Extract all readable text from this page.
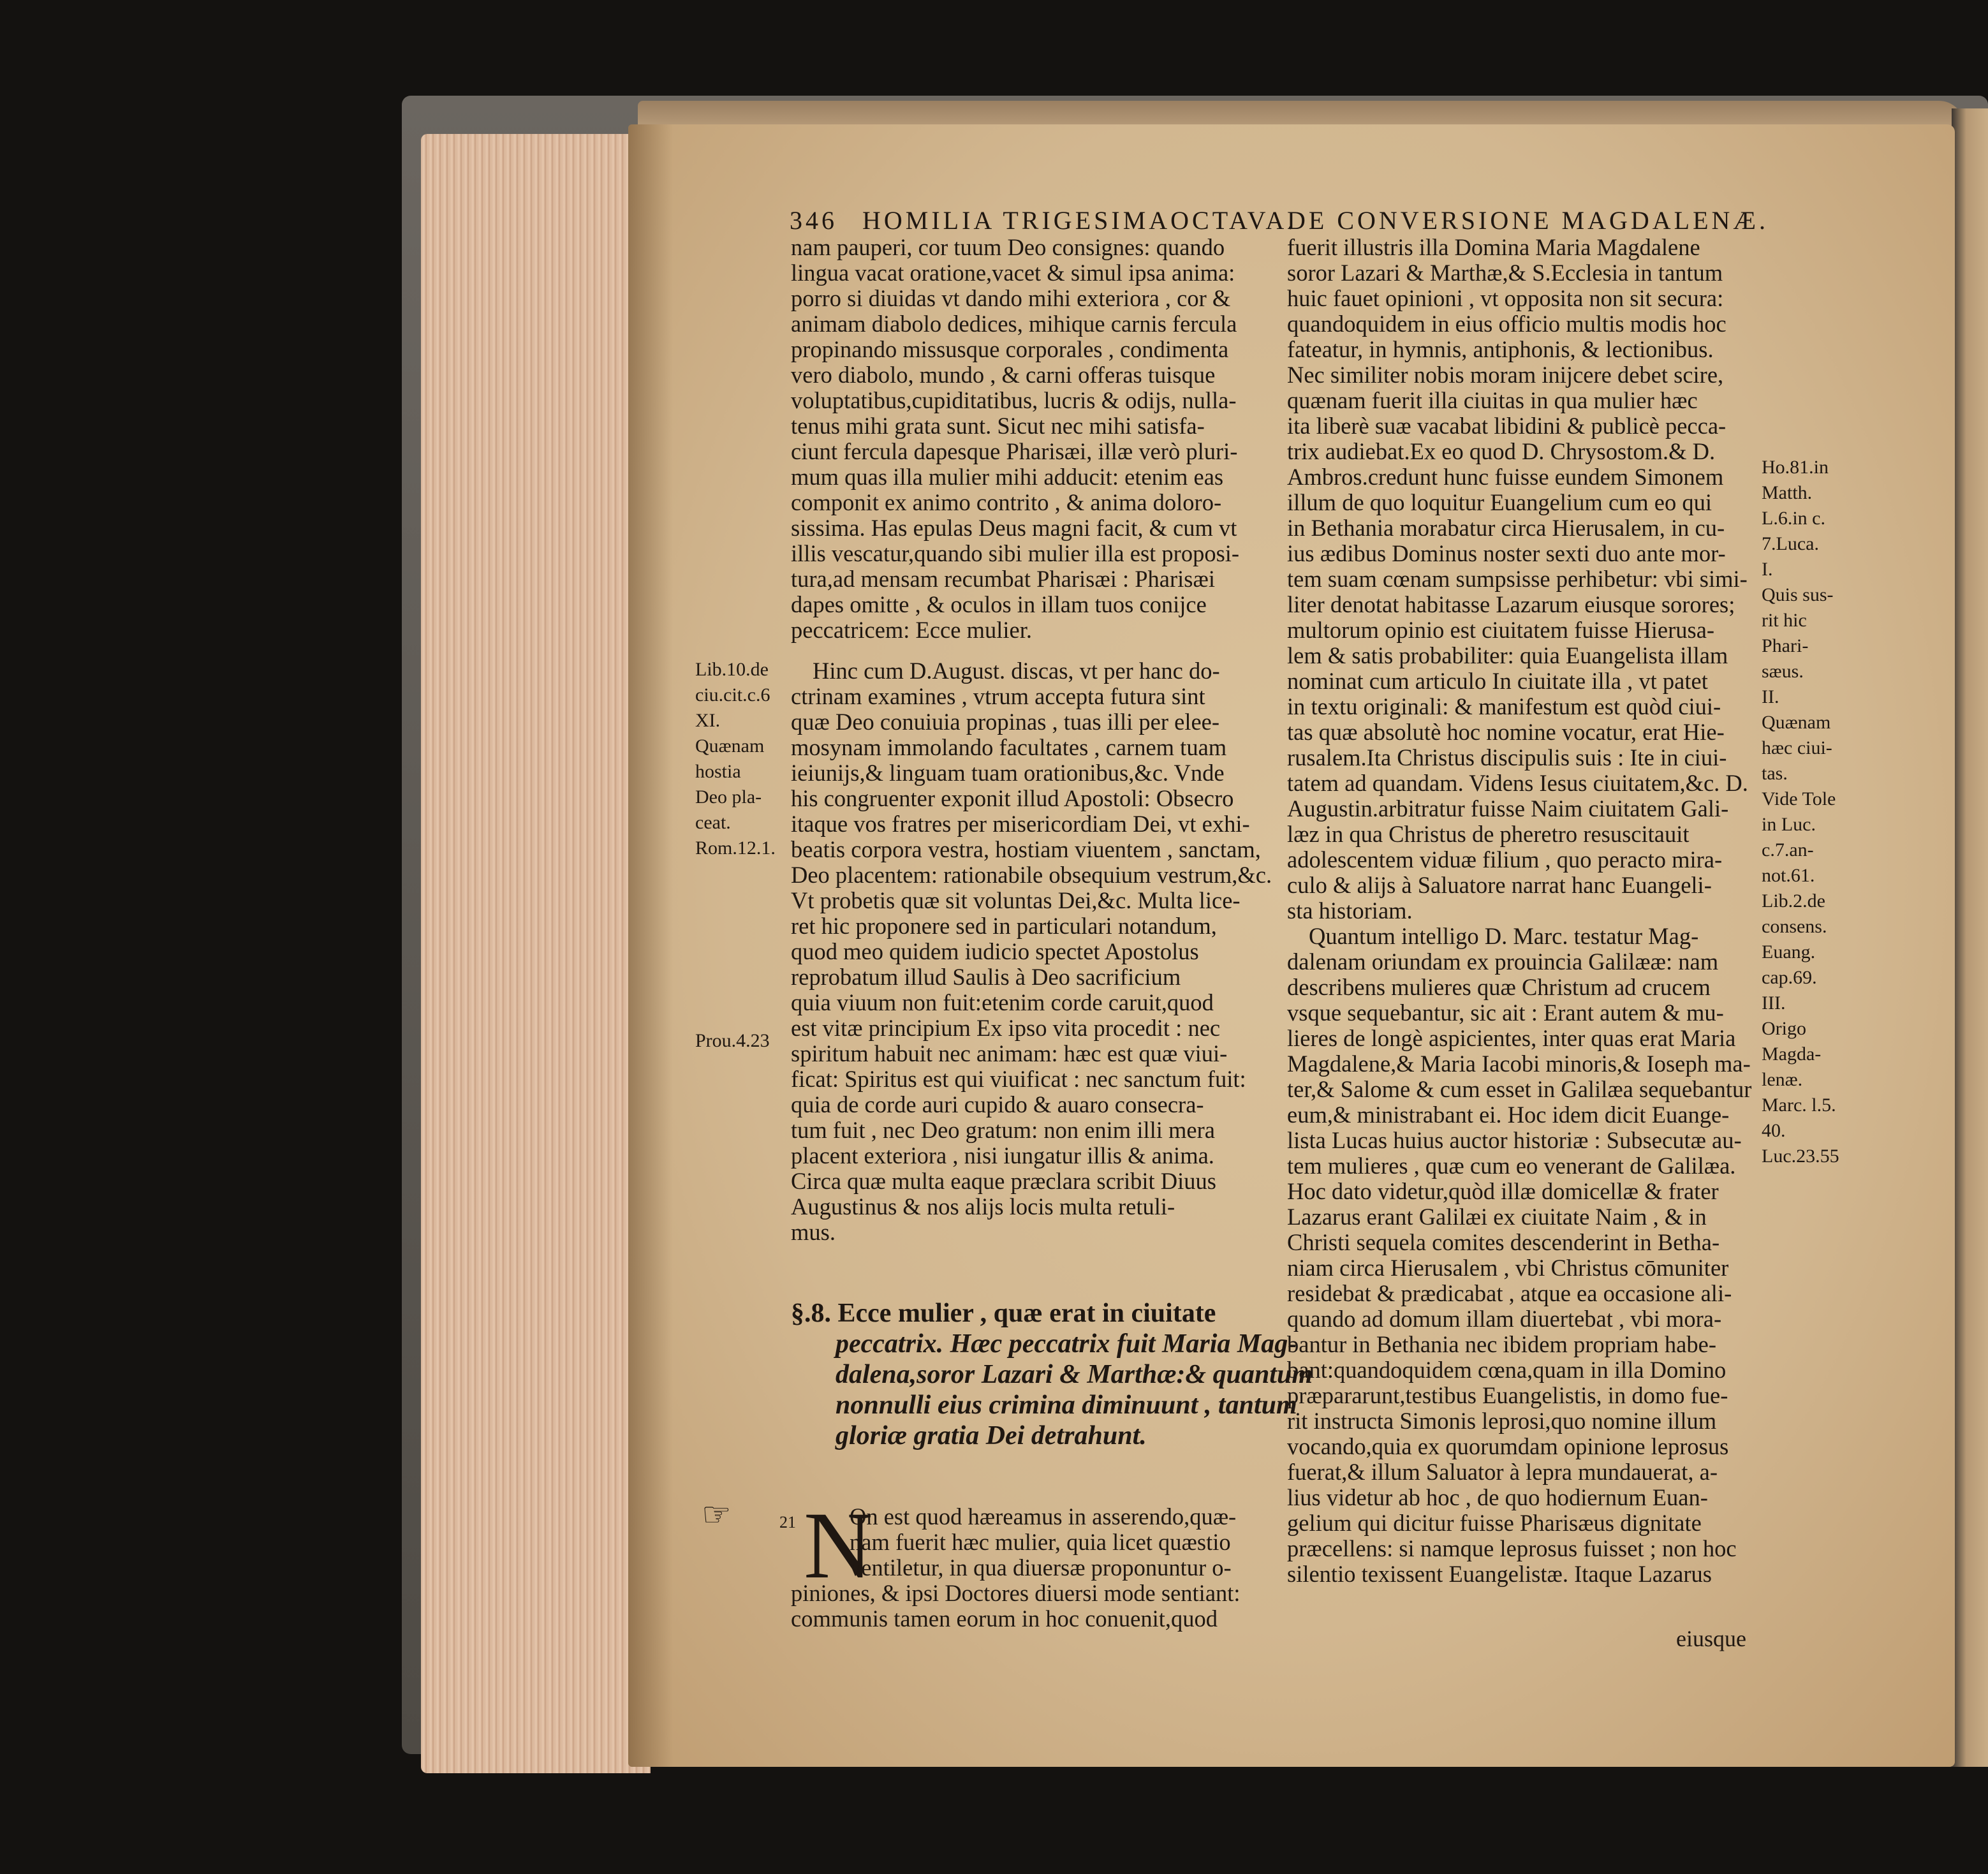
346 HOMILIA TRIGESIMAOCTAVA.
DE CONVERSIONE MAGDALENÆ.
nam pauperi, cor tuum Deo consignes: quando
lingua vacat oratione,vacet & simul ipsa anima:
porro si diuidas vt dando mihi exteriora , cor &
animam diabolo dedices, mihique carnis fercula
propinando missusque corporales , condimenta
vero diabolo, mundo , & carni offeras tuisque
voluptatibus,cupiditatibus, lucris & odijs, nulla-
tenus mihi grata sunt. Sicut nec mihi satisfa-
ciunt fercula dapesque Pharisæi, illæ verò pluri-
mum quas illa mulier mihi adducit: etenim eas
componit ex animo contrito , & anima doloro-
sissima. Has epulas Deus magni facit, & cum vt
illis vescatur,quando sibi mulier illa est proposi-
tura,ad mensam recumbat Pharisæi : Pharisæi
dapes omitte , & oculos in illam tuos conijce
peccatricem: Ecce mulier.
Hinc cum D.August. discas, vt per hanc do-
ctrinam examines , vtrum accepta futura sint
quæ Deo conuiuia propinas , tuas illi per elee-
mosynam immolando facultates , carnem tuam
ieiunijs,& linguam tuam orationibus,&c. Vnde
his congruenter exponit illud Apostoli: Obsecro
itaque vos fratres per misericordiam Dei, vt exhi-
beatis corpora vestra, hostiam viuentem , sanctam,
Deo placentem: rationabile obsequium vestrum,&c.
Vt probetis quæ sit voluntas Dei,&c. Multa lice-
ret hic proponere sed in particulari notandum,
quod meo quidem iudicio spectet Apostolus
reprobatum illud Saulis à Deo sacrificium
quia viuum non fuit:etenim corde caruit,quod
est vitæ principium Ex ipso vita procedit : nec
spiritum habuit nec animam: hæc est quæ viui-
ficat: Spiritus est qui viuificat : nec sanctum fuit:
quia de corde auri cupido & auaro consecra-
tum fuit , nec Deo gratum: non enim illi mera
placent exteriora , nisi iungatur illis & anima.
Circa quæ multa eaque præclara scribit Diuus
Augustinus & nos alijs locis multa retuli-
mus.
Lib.10.de
ciu.cit.c.6
XI.
Quænam
hostia
Deo pla-
ceat.
Rom.12.1.
Prou.4.23
§.8. Ecce mulier , quæ erat in ciuitate
peccatrix. Hæc peccatrix fuit Maria Mag-
dalena,soror Lazari & Marthæ:& quantum
nonnulli eius crimina diminuunt , tantum
gloriæ gratia Dei detrahunt.
☞	21 N
On est quod hæreamus in asserendo,quæ-
nam fuerit hæc mulier, quia licet quæstio
ventiletur, in qua diuersæ proponuntur o-
piniones, & ipsi Doctores diuersi mode sentiant:
communis tamen eorum in hoc conuenit,quod
fuerit illustris illa Domina Maria Magdalene
soror Lazari & Marthæ,& S.Ecclesia in tantum
huic fauet opinioni , vt opposita non sit secura:
quandoquidem in eius officio multis modis hoc
fateatur, in hymnis, antiphonis, & lectionibus.
Nec similiter nobis moram inijcere debet scire,
quænam fuerit illa ciuitas in qua mulier hæc
ita liberè suæ vacabat libidini & publicè pecca-
trix audiebat.Ex eo quod D. Chrysostom.& D.
Ambros.credunt hunc fuisse eundem Simonem
illum de quo loquitur Euangelium cum eo qui
in Bethania morabatur circa Hierusalem, in cu-
ius ædibus Dominus noster sexti duo ante mor-
tem suam cœnam sumpsisse perhibetur: vbi simi-
liter denotat habitasse Lazarum eiusque sorores;
multorum opinio est ciuitatem fuisse Hierusa-
lem & satis probabiliter: quia Euangelista illam
nominat cum articulo In ciuitate illa , vt patet
in textu originali: & manifestum est quòd ciui-
tas quæ absolutè hoc nomine vocatur, erat Hie-
rusalem.Ita Christus discipulis suis : Ite in ciui-
tatem ad quandam. Videns Iesus ciuitatem,&c. D.
Augustin.arbitratur fuisse Naim ciuitatem Gali-
læz in qua Christus de pheretro resuscitauit
adolescentem viduæ filium , quo peracto mira-
culo & alijs à Saluatore narrat hanc Euangeli-
sta historiam.
Quantum intelligo D. Marc. testatur Mag-
dalenam oriundam ex prouincia Galilææ: nam
describens mulieres quæ Christum ad crucem
vsque sequebantur, sic ait : Erant autem & mu-
lieres de longè aspicientes, inter quas erat Maria
Magdalene,& Maria Iacobi minoris,& Ioseph ma-
ter,& Salome & cum esset in Galilæa sequebantur
eum,& ministrabant ei. Hoc idem dicit Euange-
lista Lucas huius auctor historiæ : Subsecutæ au-
tem mulieres , quæ cum eo venerant de Galilæa.
Hoc dato videtur,quòd illæ domicellæ & frater
Lazarus erant Galilæi ex ciuitate Naim , & in
Christi sequela comites descenderint in Betha-
niam circa Hierusalem , vbi Christus cōmuniter
residebat & prædicabat , atque ea occasione ali-
quando ad domum illam diuertebat , vbi mora-
bantur in Bethania nec ibidem propriam habe-
bant:quandoquidem cœna,quam in illa Domino
præpararunt,testibus Euangelistis, in domo fue-
rit instructa Simonis leprosi,quo nomine illum
vocando,quia ex quorumdam opinione leprosus
fuerat,& illum Saluator à lepra mundauerat, a-
lius videtur ab hoc , de quo hodiernum Euan-
gelium qui dicitur fuisse Pharisæus dignitate
præcellens: si namque leprosus fuisset ; non hoc
silentio texissent Euangelistæ. Itaque Lazarus
eiusque
Ho.81.in
Matth.
L.6.in c.
7.Luca.
I.
Quis sus-
rit hic
Phari-
sæus.
II.
Quænam
hæc ciui-
tas.
Vide Tole
in Luc.
c.7.an-
not.61.
Lib.2.de
consens.
Euang.
cap.69.
III.
Origo
Magda-
lenæ.
Marc. l.5.
40.
Luc.23.55
